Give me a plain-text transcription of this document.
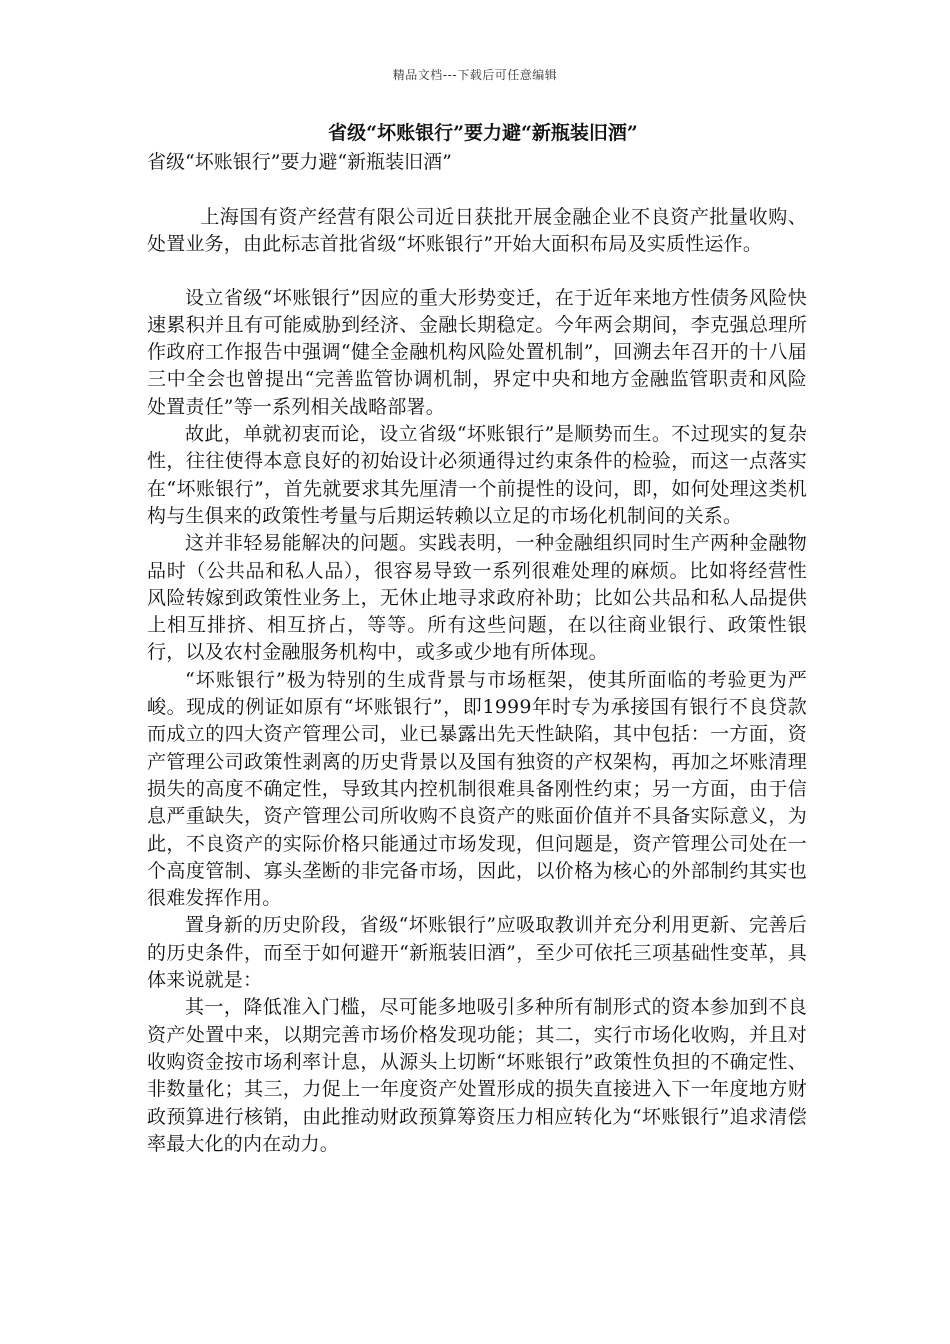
精品文档---下载后可任意编辑
省级“坏账银行”要力避“新瓶装旧酒”
省级“坏账银行”要力避“新瓶装旧酒”

上海国有资产经营有限公司近日获批开展金融企业不良资产批量收购、处置业务，由此标志首批省级“坏账银行”开始大面积布局及实质性运作。

设立省级“坏账银行”因应的重大形势变迁，在于近年来地方性债务风险快速累积并且有可能威胁到经济、金融长期稳定。今年两会期间，李克强总理所作政府工作报告中强调“健全金融机构风险处置机制”，回溯去年召开的十八届三中全会也曾提出“完善监管协调机制，界定中央和地方金融监管职责和风险处置责任”等一系列相关战略部署。

故此，单就初衷而论，设立省级“坏账银行”是顺势而生。不过现实的复杂性，往往使得本意良好的初始设计必须通得过约束条件的检验，而这一点落实在“坏账银行”，首先就要求其先厘清一个前提性的设问，即，如何处理这类机构与生俱来的政策性考量与后期运转赖以立足的市场化机制间的关系。

这并非轻易能解决的问题。实践表明，一种金融组织同时生产两种金融物品时（公共品和私人品），很容易导致一系列很难处理的麻烦。比如将经营性风险转嫁到政策性业务上，无休止地寻求政府补助；比如公共品和私人品提供上相互排挤、相互挤占，等等。所有这些问题，在以往商业银行、政策性银行，以及农村金融服务机构中，或多或少地有所体现。

“坏账银行”极为特别的生成背景与市场框架，使其所面临的考验更为严峻。现成的例证如原有“坏账银行”，即1999年时专为承接国有银行不良贷款而成立的四大资产管理公司，业已暴露出先天性缺陷，其中包括：一方面，资产管理公司政策性剥离的历史背景以及国有独资的产权架构，再加之坏账清理损失的高度不确定性，导致其内控机制很难具备刚性约束；另一方面，由于信息严重缺失，资产管理公司所收购不良资产的账面价值并不具备实际意义，为此，不良资产的实际价格只能通过市场发现，但问题是，资产管理公司处在一个高度管制、寡头垄断的非完备市场，因此，以价格为核心的外部制约其实也很难发挥作用。

置身新的历史阶段，省级“坏账银行”应吸取教训并充分利用更新、完善后的历史条件，而至于如何避开“新瓶装旧酒”，至少可依托三项基础性变革，具体来说就是：

其一，降低准入门槛，尽可能多地吸引多种所有制形式的资本参加到不良资产处置中来，以期完善市场价格发现功能；其二，实行市场化收购，并且对收购资金按市场利率计息，从源头上切断“坏账银行”政策性负担的不确定性、非数量化；其三，力促上一年度资产处置形成的损失直接进入下一年度地方财政预算进行核销，由此推动财政预算筹资压力相应转化为“坏账银行”追求清偿率最大化的内在动力。
